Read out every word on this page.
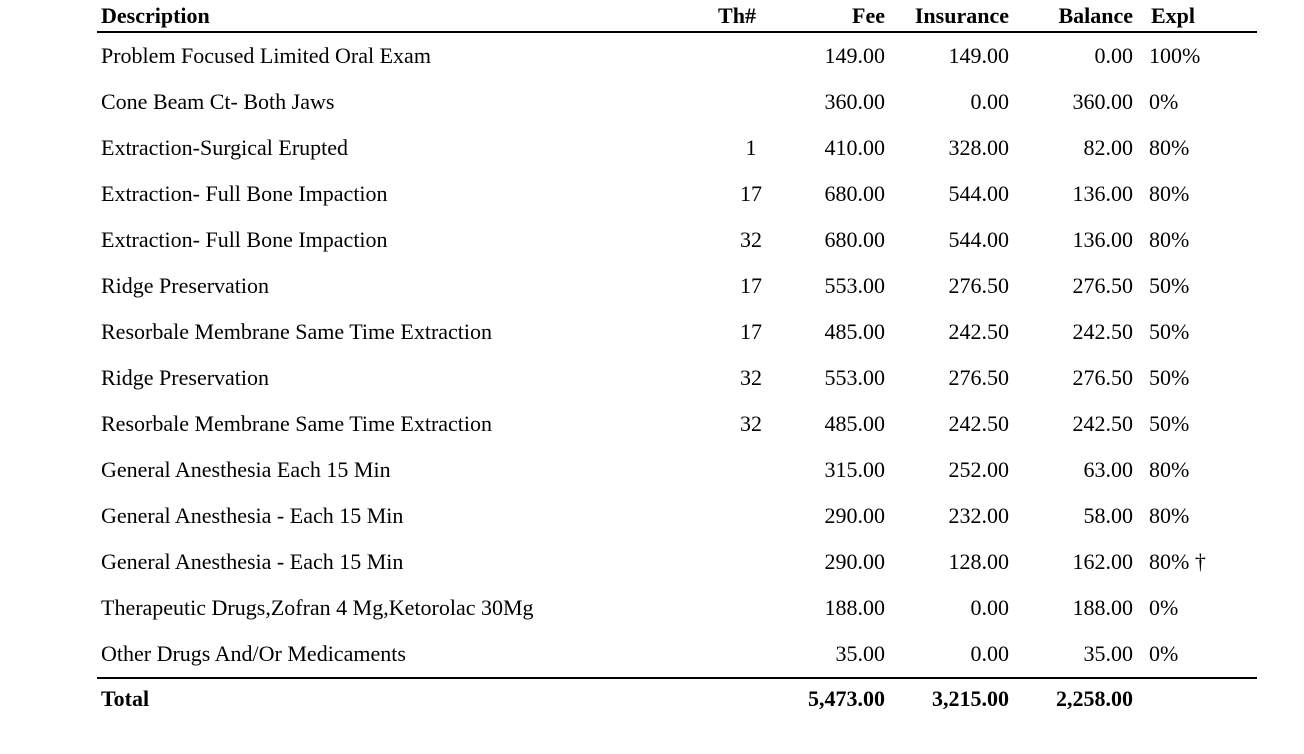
Description	Th#	Fee	Insurance	Balance	Expl
Problem Focused Limited Oral Exam		149.00	149.00	0.00	100%
Cone Beam Ct- Both Jaws		360.00	0.00	360.00	0%
Extraction-Surgical Erupted	1	410.00	328.00	82.00	80%
Extraction- Full Bone Impaction	17	680.00	544.00	136.00	80%
Extraction- Full Bone Impaction	32	680.00	544.00	136.00	80%
Ridge Preservation	17	553.00	276.50	276.50	50%
Resorbale Membrane Same Time Extraction	17	485.00	242.50	242.50	50%
Ridge Preservation	32	553.00	276.50	276.50	50%
Resorbale Membrane Same Time Extraction	32	485.00	242.50	242.50	50%
General Anesthesia Each 15 Min		315.00	252.00	63.00	80%
General Anesthesia - Each 15 Min		290.00	232.00	58.00	80%
General Anesthesia - Each 15 Min		290.00	128.00	162.00	80% †
Therapeutic Drugs,Zofran 4 Mg,Ketorolac 30Mg		188.00	0.00	188.00	0%
Other Drugs And/Or Medicaments		35.00	0.00	35.00	0%
Total		5,473.00	3,215.00	2,258.00	
